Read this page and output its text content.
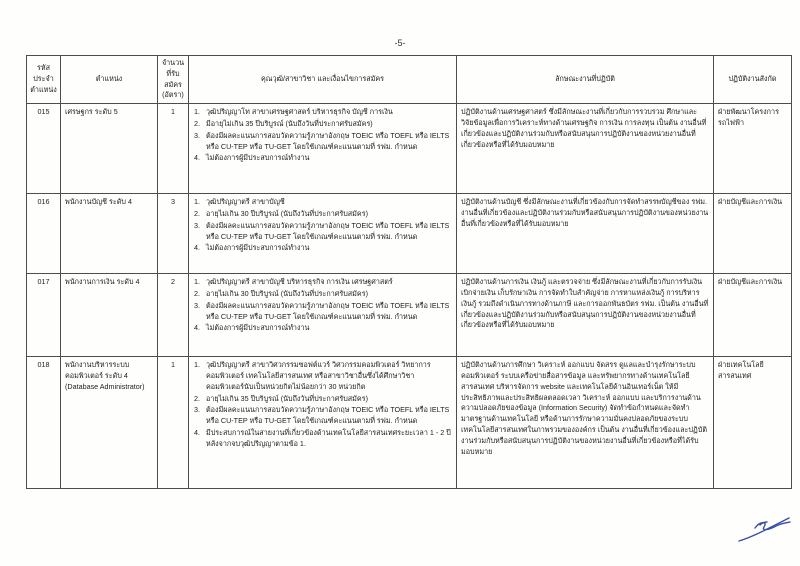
-5-
รหัสประจำตำแหน่ง	ตำแหน่ง	จำนวนที่รับสมัคร (อัตรา)	คุณวุฒิ/สาขาวิชา และเงื่อนไขการสมัคร	ลักษณะงานที่ปฏิบัติ	ปฏิบัติงานสังกัด
015	เศรษฐกร ระดับ 5	1	วุฒิปริญญาโท สาขาเศรษฐศาสตร์ บริหารธุรกิจ บัญชี การเงิน
มีอายุไม่เกิน 35 ปีบริบูรณ์ (นับถึงวันที่ประกาศรับสมัคร)
ต้องมีผลคะแนนการสอบวัดความรู้ภาษาอังกฤษ TOEIC หรือ TOEFL หรือ IELTS หรือ CU-TEP หรือ TU-GET โดยใช้เกณฑ์คะแนนตามที่ รฟม. กำหนด
ไม่ต้องการผู้มีประสบการณ์ทำงาน
	ปฏิบัติงานด้านเศรษฐศาสตร์ ซึ่งมีลักษณะงานที่เกี่ยวกับการรวบรวม ศึกษาและวิจัยข้อมูลเพื่อการวิเคราะห์ทางด้านเศรษฐกิจ การเงิน การลงทุน เป็นต้น งานอื่นที่เกี่ยวข้องและปฏิบัติงานร่วมกับหรือสนับสนุนการปฏิบัติงานของหน่วยงานอื่นที่เกี่ยวข้องหรือที่ได้รับมอบหมาย	ฝ่ายพัฒนาโครงการรถไฟฟ้า
016	พนักงานบัญชี ระดับ 4	3	วุฒิปริญญาตรี สาขาบัญชี
อายุไม่เกิน 30 ปีบริบูรณ์ (นับถึงวันที่ประกาศรับสมัคร)
ต้องมีผลคะแนนการสอบวัดความรู้ภาษาอังกฤษ TOEIC หรือ TOEFL หรือ IELTS หรือ CU-TEP หรือ TU-GET โดยใช้เกณฑ์คะแนนตามที่ รฟม. กำหนด
ไม่ต้องการผู้มีประสบการณ์ทำงาน
	ปฏิบัติงานด้านบัญชี ซึ่งมีลักษณะงานที่เกี่ยวข้องกับการจัดทำสรรพบัญชีของ รฟม. งานอื่นที่เกี่ยวข้องและปฏิบัติงานร่วมกับหรือสนับสนุนการปฏิบัติงานของหน่วยงานอื่นที่เกี่ยวข้องหรือที่ได้รับมอบหมาย	ฝ่ายบัญชีและการเงิน
017	พนักงานการเงิน ระดับ 4	2	วุฒิปริญญาตรี สาขาบัญชี บริหารธุรกิจ การเงิน เศรษฐศาสตร์
อายุไม่เกิน 30 ปีบริบูรณ์ (นับถึงวันที่ประกาศรับสมัคร)
ต้องมีผลคะแนนการสอบวัดความรู้ภาษาอังกฤษ TOEIC หรือ TOEFL หรือ IELTS หรือ CU-TEP หรือ TU-GET โดยใช้เกณฑ์คะแนนตามที่ รฟม. กำหนด
ไม่ต้องการผู้มีประสบการณ์ทำงาน
	ปฏิบัติงานด้านการเงิน เงินกู้ และตรวจจ่าย ซึ่งมีลักษณะงานที่เกี่ยวกับการรับเงิน เบิกจ่ายเงิน เก็บรักษาเงิน การจัดทำใบสำคัญจ่าย การหาแหล่งเงินกู้ การบริหารเงินกู้ รวมถึงดำเนินการทางด้านภาษี และการออกพันธบัตร รฟม. เป็นต้น งานอื่นที่เกี่ยวข้องและปฏิบัติงานร่วมกับหรือสนับสนุนการปฏิบัติงานของหน่วยงานอื่นที่เกี่ยวข้องหรือที่ได้รับมอบหมาย	ฝ่ายบัญชีและการเงิน
018	พนักงานบริหารระบบคอมพิวเตอร์ ระดับ 4 (Database Administrator)	1	วุฒิปริญญาตรี สาขาวิศวกรรมซอฟต์แวร์ วิศวกรรมคอมพิวเตอร์ วิทยาการคอมพิวเตอร์ เทคโนโลยีสารสนเทศ หรือสาขาวิชาอื่นซึ่งได้ศึกษาวิชาคอมพิวเตอร์นับเป็นหน่วยกิตไม่น้อยกว่า 30 หน่วยกิต
อายุไม่เกิน 35 ปีบริบูรณ์ (นับถึงวันที่ประกาศรับสมัคร)
ต้องมีผลคะแนนการสอบวัดความรู้ภาษาอังกฤษ TOEIC หรือ TOEFL หรือ IELTS หรือ CU-TEP หรือ TU-GET โดยใช้เกณฑ์คะแนนตามที่ รฟม. กำหนด
มีประสบการณ์ในสายงานที่เกี่ยวข้องด้านเทคโนโลยีสารสนเทศระยะเวลา 1 - 2 ปี หลังจากจบวุฒิปริญญาตามข้อ 1.
	ปฏิบัติงานด้านการศึกษา วิเคราะห์ ออกแบบ จัดสรร ดูแลและบำรุงรักษาระบบคอมพิวเตอร์ ระบบเครือข่ายสื่อสารข้อมูล และทรัพยากรทางด้านเทคโนโลยีสารสนเทศ บริหารจัดการ website และเทคโนโลยีด้านอินเทอร์เน็ต ให้มีประสิทธิภาพและประสิทธิผลตลอดเวลา วิเคราะห์ ออกแบบ และบริการงานด้านความปลอดภัยของข้อมูล (Information Security) จัดทำข้อกำหนดและจัดทำมาตรฐานด้านเทคโนโลยี หรือด้านการรักษาความมั่นคงปลอดภัยของระบบเทคโนโลยีสารสนเทศในภาพรวมขององค์กร เป็นต้น งานอื่นที่เกี่ยวข้องและปฏิบัติงานร่วมกับหรือสนับสนุนการปฏิบัติงานของหน่วยงานอื่นที่เกี่ยวข้องหรือที่ได้รับมอบหมาย	ฝ่ายเทคโนโลยีสารสนเทศ
